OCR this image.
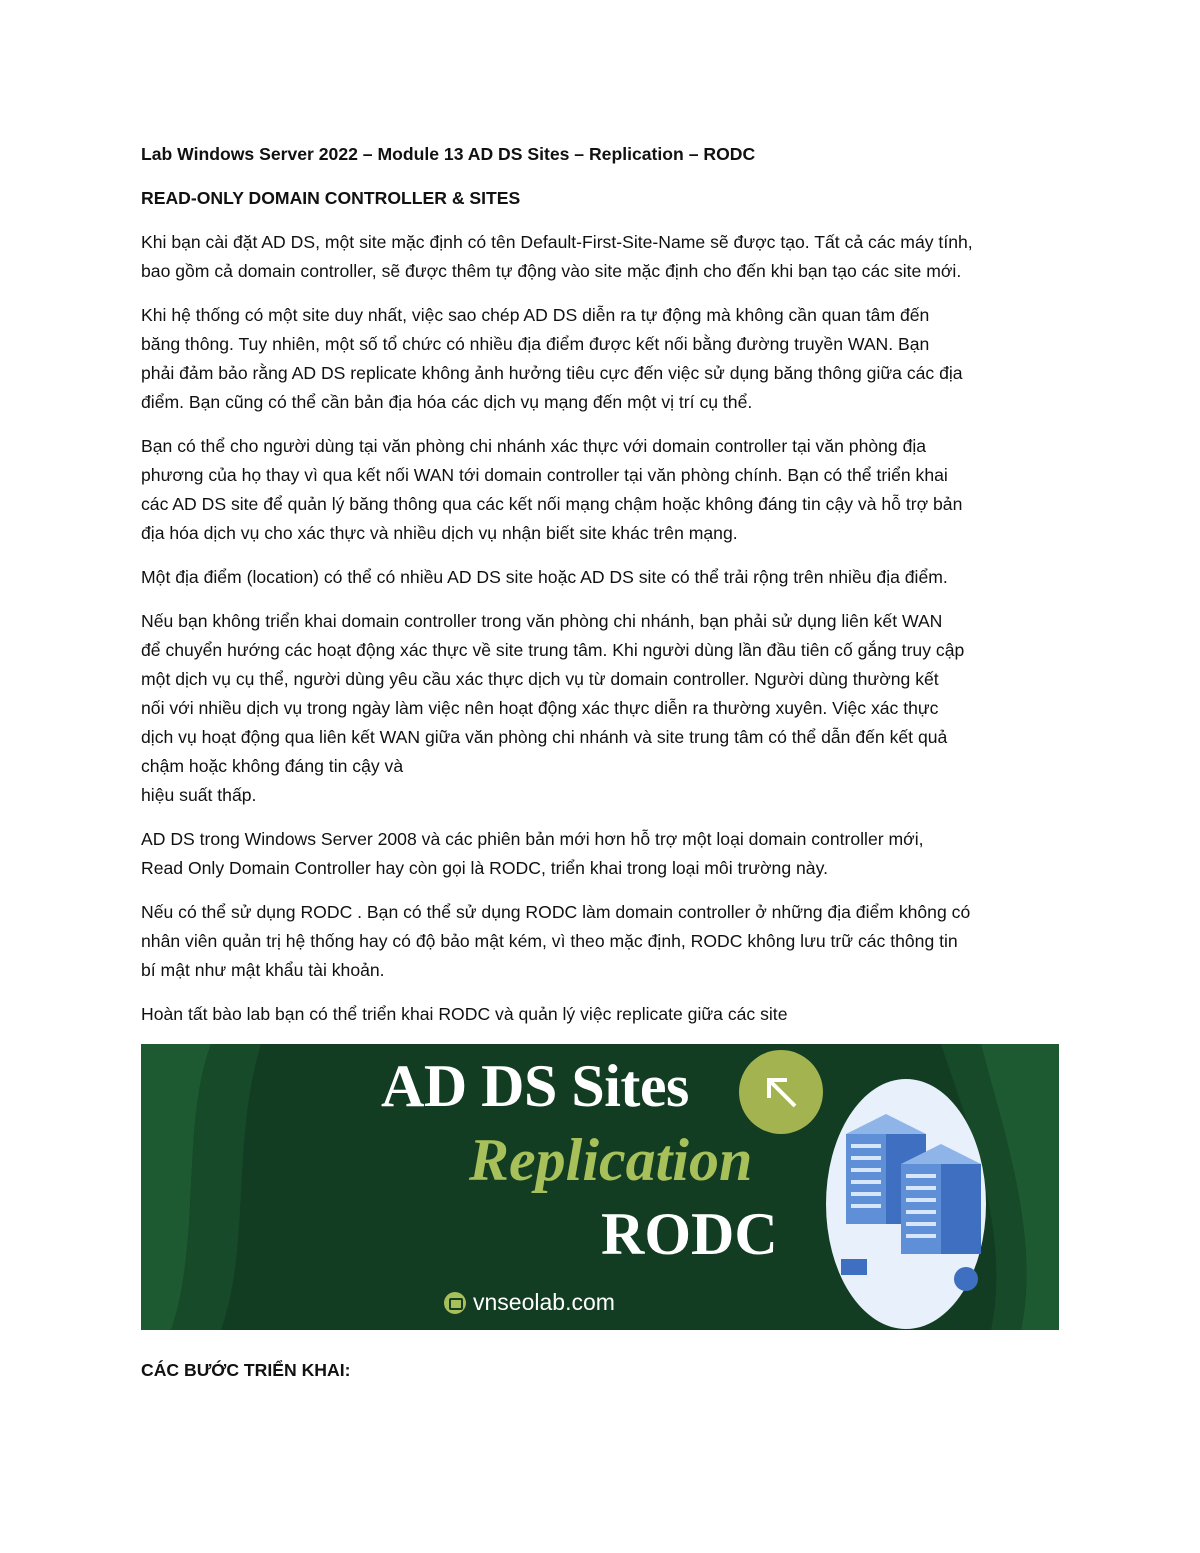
Lab Windows Server 2022 – Module 13 AD DS Sites – Replication – RODC
READ-ONLY DOMAIN CONTROLLER & SITES
Khi bạn cài đặt AD DS, một site mặc định có tên Default-First-Site-Name sẽ được tạo. Tất cả các máy tính,
bao gồm cả domain controller, sẽ được thêm tự động vào site mặc định cho đến khi bạn tạo các site mới.
Khi hệ thống có một site duy nhất, việc sao chép AD DS diễn ra tự động mà không cần quan tâm đến
băng thông. Tuy nhiên, một số tổ chức có nhiều địa điểm được kết nối bằng đường truyền WAN. Bạn
phải đảm bảo rằng AD DS replicate không ảnh hưởng tiêu cực đến việc sử dụng băng thông giữa các địa
điểm. Bạn cũng có thể cần bản địa hóa các dịch vụ mạng đến một vị trí cụ thể.
Bạn có thể cho người dùng tại văn phòng chi nhánh xác thực với domain controller tại văn phòng địa
phương của họ thay vì qua kết nối WAN tới domain controller tại văn phòng chính. Bạn có thể triển khai
các AD DS site để quản lý băng thông qua các kết nối mạng chậm hoặc không đáng tin cậy và hỗ trợ bản
địa hóa dịch vụ cho xác thực và nhiều dịch vụ nhận biết site khác trên mạng.
Một địa điểm (location) có thể có nhiều AD DS site hoặc AD DS site có thể trải rộng trên nhiều địa điểm.
Nếu bạn không triển khai domain controller trong văn phòng chi nhánh, bạn phải sử dụng liên kết WAN
để chuyển hướng các hoạt động xác thực về site trung tâm. Khi người dùng lần đầu tiên cố gắng truy cập
một dịch vụ cụ thể, người dùng yêu cầu xác thực dịch vụ từ domain controller. Người dùng thường kết
nối với nhiều dịch vụ trong ngày làm việc nên hoạt động xác thực diễn ra thường xuyên. Việc xác thực
dịch vụ hoạt động qua liên kết WAN giữa văn phòng chi nhánh và site trung tâm có thể dẫn đến kết quả
chậm hoặc không đáng tin cậy và
hiệu suất thấp.
AD DS trong Windows Server 2008 và các phiên bản mới hơn hỗ trợ một loại domain controller mới,
Read Only Domain Controller hay còn gọi là RODC, triển khai trong loại môi trường này.
Nếu có thể sử dụng RODC . Bạn có thể sử dụng RODC làm domain controller ở những địa điểm không có
nhân viên quản trị hệ thống hay có độ bảo mật kém, vì theo mặc định, RODC không lưu trữ các thông tin
bí mật như mật khẩu tài khoản.
Hoàn tất bào lab bạn có thể triển khai RODC và quản lý việc replicate giữa các site
AD DS Sites
Replication
RODC
vnseolab.com
CÁC BƯỚC TRIỂN KHAI:
